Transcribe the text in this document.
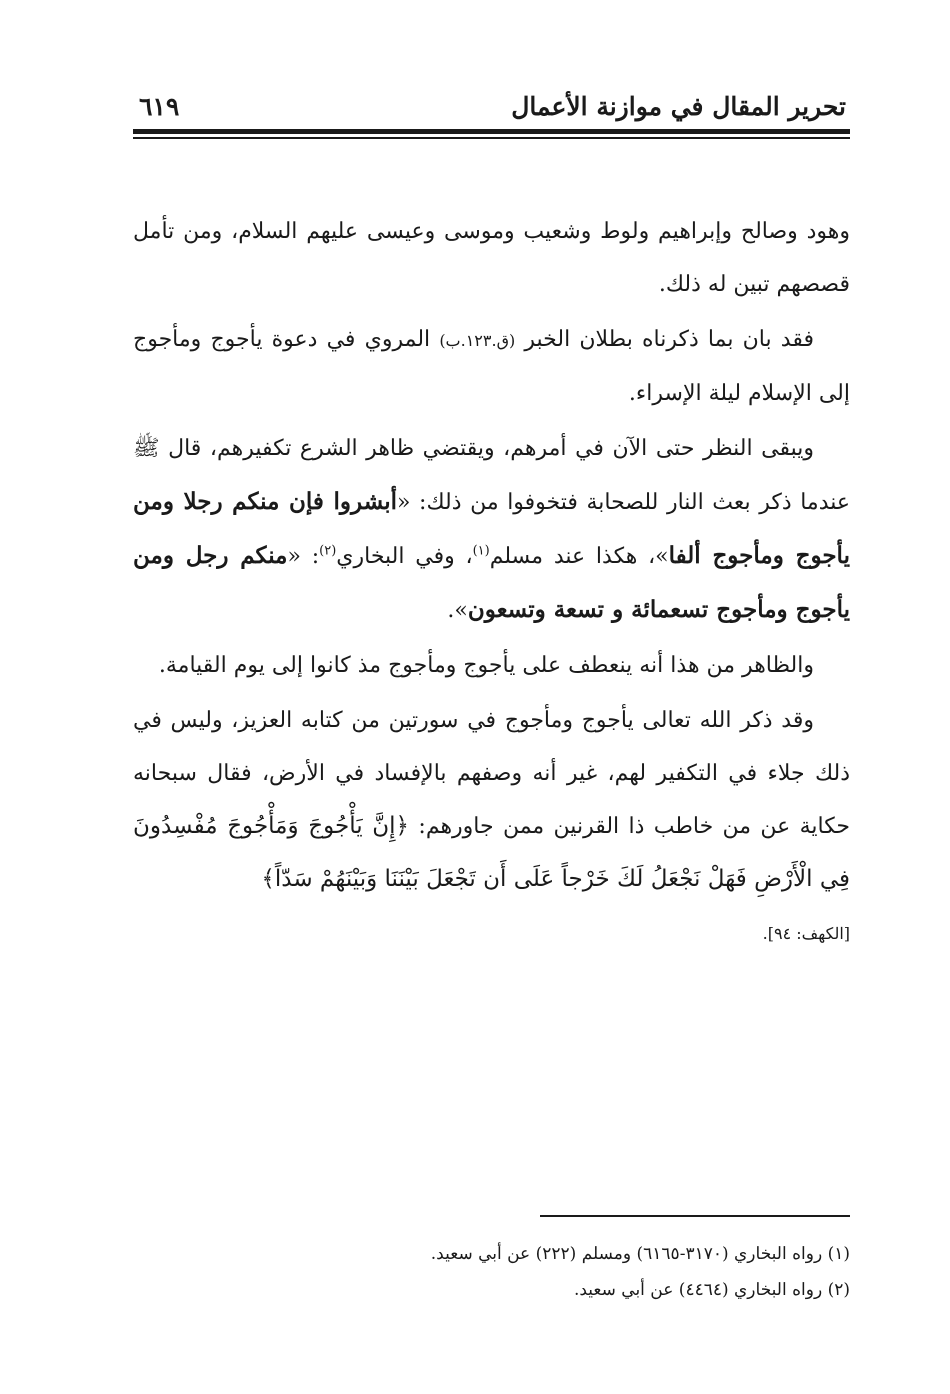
تحرير المقال في موازنة الأعمال
٦١٩

وهود وصالح وإبراهيم ولوط وشعيب وموسى وعيسى عليهم السلام، ومن تأمل قصصهم تبين له ذلك.

فقد بان بما ذكرناه بطلان الخبر (ق.١٢٣.ب) المروي في دعوة يأجوج ومأجوج إلى الإسلام ليلة الإسراء.

ويبقى النظر حتى الآن في أمرهم، ويقتضي ظاهر الشرع تكفيرهم، قال ﷺ عندما ذكر بعث النار للصحابة فتخوفوا من ذلك: «أبشروا فإن منكم رجلا ومن يأجوج ومأجوج ألفا»، هكذا عند مسلم$^{(١)}$، وفي البخاري$^{(٢)}$: «منكم رجل ومن يأجوج ومأجوج تسعمائة و تسعة وتسعون».

والظاهر من هذا أنه ينعطف على يأجوج ومأجوج مذ كانوا إلى يوم القيامة.

وقد ذكر الله تعالى يأجوج ومأجوج في سورتين من كتابه العزيز، وليس في ذلك جلاء في التكفير لهم، غير أنه وصفهم بالإفساد في الأرض، فقال سبحانه حكاية عن من خاطب ذا القرنين ممن جاورهم: ﴿إِنَّ يَأْجُوجَ وَمَأْجُوجَ مُفْسِدُونَ فِي الْأَرْضِ فَهَلْ نَجْعَلُ لَكَ خَرْجاً عَلَى أَن تَجْعَلَ بَيْنَنَا وَبَيْنَهُمْ سَدّاً﴾
[الكهف: ٩٤].

(١) رواه البخاري (٣١٧٠-٦١٦٥) ومسلم (٢٢٢) عن أبي سعيد.

(٢) رواه البخاري (٤٤٦٤) عن أبي سعيد.
